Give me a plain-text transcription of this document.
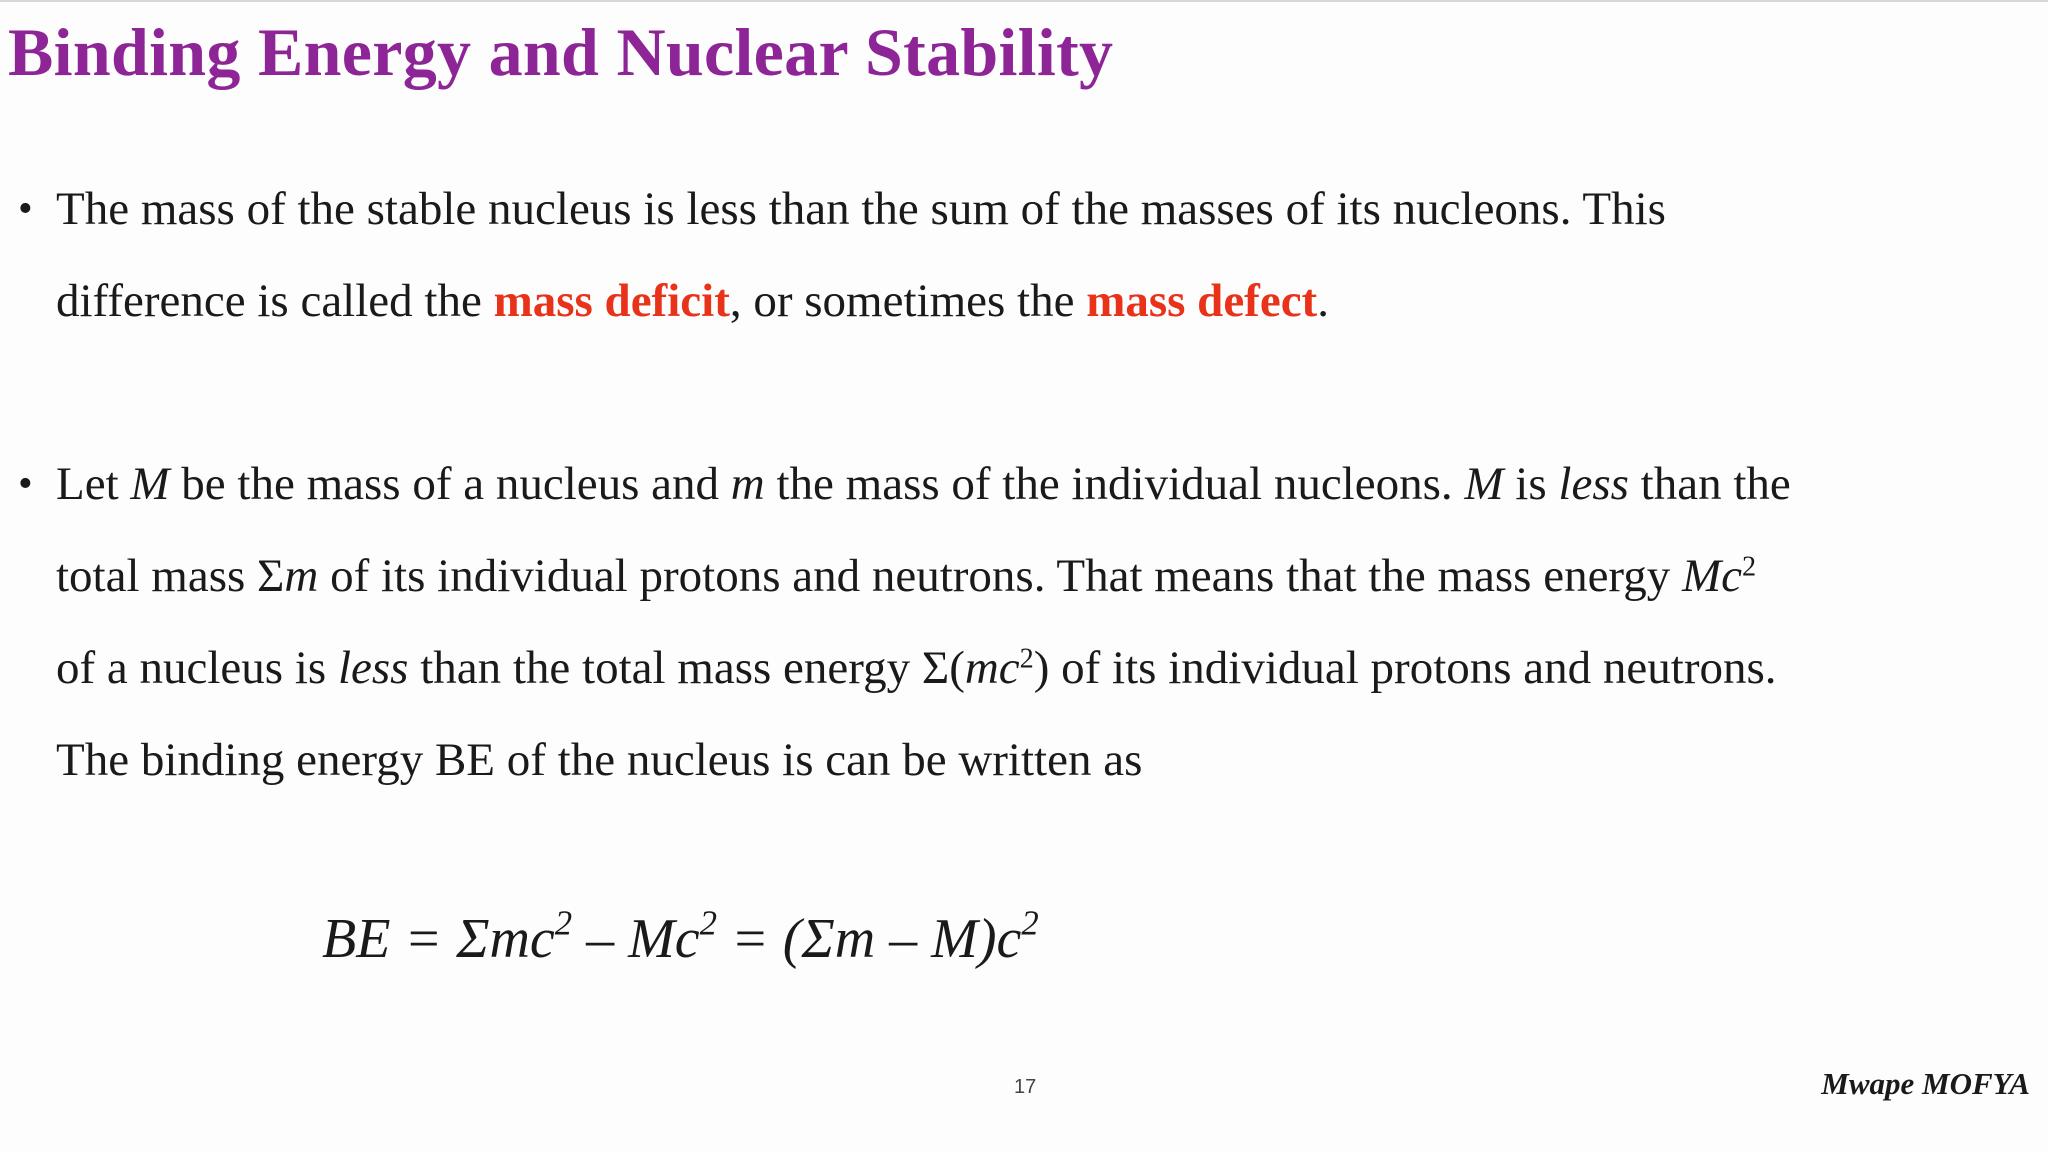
Binding Energy and Nuclear Stability
• The mass of the stable nucleus is less than the sum of the masses of its nucleons. This
difference is called the mass deficit, or sometimes the mass defect.
• Let M be the mass of a nucleus and m the mass of the individual nucleons. M is less than the
total mass Σm of its individual protons and neutrons. That means that the mass energy Mc$^2$
of a nucleus is less than the total mass energy $\Sigma(mc^2)$ of its individual protons and neutrons.
The binding energy BE of the nucleus is can be written as
BE = $\Sigma mc^2 - Mc^2 = (\Sigma m - M)c^2$
17	Mwape MOFYA
